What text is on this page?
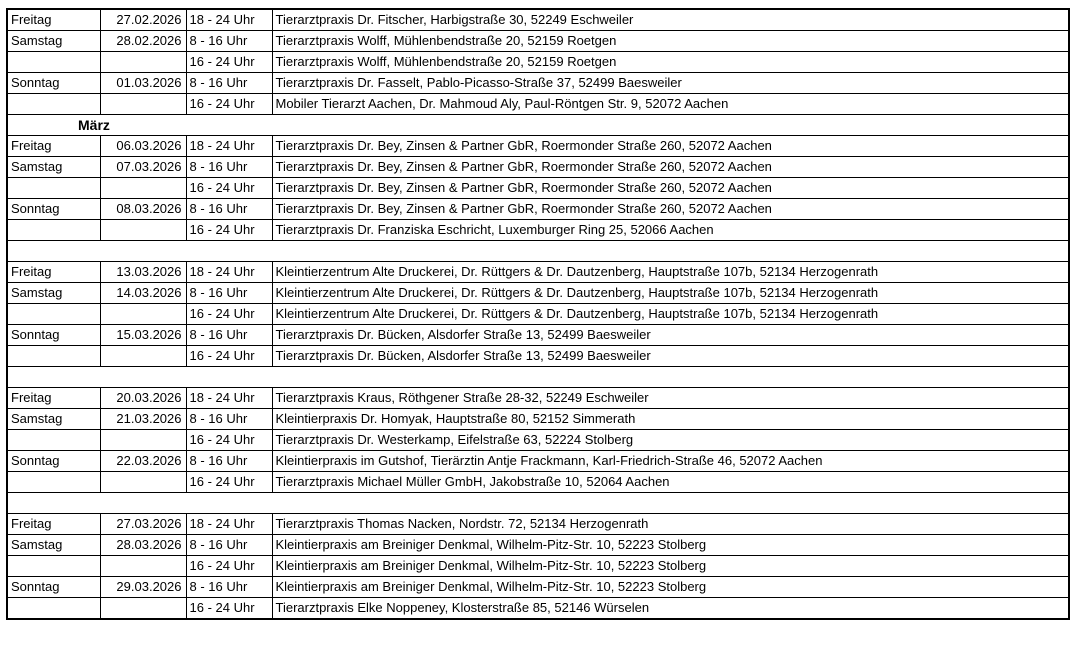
Freitag	27.02.2026	18 - 24 Uhr	Tierarztpraxis Dr. Fitscher, Harbigstraße 30, 52249 Eschweiler
Samstag	28.02.2026	8 - 16 Uhr	Tierarztpraxis Wolff, Mühlenbendstraße 20, 52159 Roetgen
		16 - 24 Uhr	Tierarztpraxis Wolff, Mühlenbendstraße 20, 52159 Roetgen
Sonntag	01.03.2026	8 - 16 Uhr	Tierarztpraxis Dr. Fasselt, Pablo-Picasso-Straße 37, 52499 Baesweiler
		16 - 24 Uhr	Mobiler Tierarzt Aachen, Dr. Mahmoud Aly, Paul-Röntgen Str. 9, 52072 Aachen
März			
Freitag	06.03.2026	18 - 24 Uhr	Tierarztpraxis Dr. Bey, Zinsen & Partner GbR, Roermonder Straße 260, 52072 Aachen
Samstag	07.03.2026	8 - 16 Uhr	Tierarztpraxis Dr. Bey, Zinsen & Partner GbR, Roermonder Straße 260, 52072 Aachen
		16 - 24 Uhr	Tierarztpraxis Dr. Bey, Zinsen & Partner GbR, Roermonder Straße 260, 52072 Aachen
Sonntag	08.03.2026	8 - 16 Uhr	Tierarztpraxis Dr. Bey, Zinsen & Partner GbR, Roermonder Straße 260, 52072 Aachen
		16 - 24 Uhr	Tierarztpraxis Dr. Franziska Eschricht, Luxemburger Ring 25, 52066 Aachen

Freitag	13.03.2026	18 - 24 Uhr	Kleintierzentrum Alte Druckerei, Dr. Rüttgers & Dr. Dautzenberg, Hauptstraße 107b, 52134 Herzogenrath
Samstag	14.03.2026	8 - 16 Uhr	Kleintierzentrum Alte Druckerei, Dr. Rüttgers & Dr. Dautzenberg, Hauptstraße 107b, 52134 Herzogenrath
		16 - 24 Uhr	Kleintierzentrum Alte Druckerei, Dr. Rüttgers & Dr. Dautzenberg, Hauptstraße 107b, 52134 Herzogenrath
Sonntag	15.03.2026	8 - 16 Uhr	Tierarztpraxis Dr. Bücken, Alsdorfer Straße 13, 52499 Baesweiler
		16 - 24 Uhr	Tierarztpraxis Dr. Bücken, Alsdorfer Straße 13, 52499 Baesweiler

Freitag	20.03.2026	18 - 24 Uhr	Tierarztpraxis Kraus, Röthgener Straße 28-32, 52249 Eschweiler
Samstag	21.03.2026	8 - 16 Uhr	Kleintierpraxis Dr. Homyak, Hauptstraße 80, 52152 Simmerath
		16 - 24 Uhr	Tierarztpraxis Dr. Westerkamp, Eifelstraße 63, 52224 Stolberg
Sonntag	22.03.2026	8 - 16 Uhr	Kleintierpraxis im Gutshof, Tierärztin Antje Frackmann, Karl-Friedrich-Straße 46, 52072 Aachen
		16 - 24 Uhr	Tierarztpraxis Michael Müller GmbH, Jakobstraße 10, 52064 Aachen

Freitag	27.03.2026	18 - 24 Uhr	Tierarztpraxis Thomas Nacken, Nordstr. 72, 52134 Herzogenrath
Samstag	28.03.2026	8 - 16 Uhr	Kleintierpraxis am Breiniger Denkmal, Wilhelm-Pitz-Str. 10, 52223 Stolberg
		16 - 24 Uhr	Kleintierpraxis am Breiniger Denkmal, Wilhelm-Pitz-Str. 10, 52223 Stolberg
Sonntag	29.03.2026	8 - 16 Uhr	Kleintierpraxis am Breiniger Denkmal, Wilhelm-Pitz-Str. 10, 52223 Stolberg
		16 - 24 Uhr	Tierarztpraxis Elke Noppeney, Klosterstraße 85, 52146 Würselen
